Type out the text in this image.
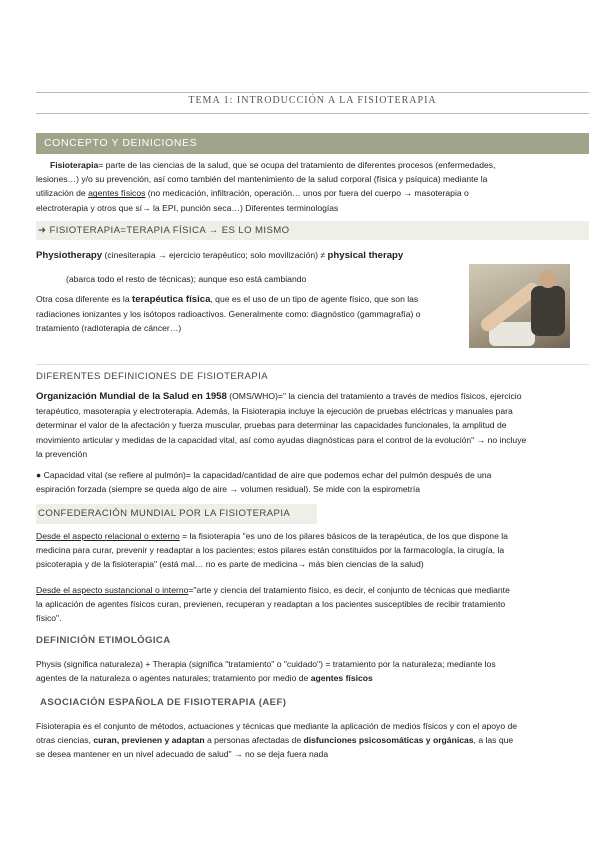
TEMA 1: INTRODUCCIÓN A LA FISIOTERAPIA
CONCEPTO Y DEINICIONES
Fisioterapia= parte de las ciencias de la salud, que se ocupa del tratamiento de diferentes procesos (enfermedades,
lesiones…) y/o su prevención, así como también del mantenimiento de la salud corporal (física y psíquica) mediante la
utilización de agentes físicos (no medicación, infiltración, operación… unos por fuera del cuerpo → masoterapia o
electroterapia y otros que sí→ la EPI, punción seca…) Diferentes terminologías
➔ FISIOTERAPIA=TERAPIA FÍSICA → ES LO MISMO
Physiotherapy (cinesiterapia → ejercicio terapéutico; solo movilización) ≠ physical therapy
(abarca todo el resto de técnicas); aunque eso está cambiando
Otra cosa diferente es la terapéutica física, que es el uso de un tipo de agente físico, que son las
radiaciones ionizantes y los isótopos radioactivos. Generalmente como: diagnóstico (gammagrafía) o
tratamiento (radioterapia de cáncer…)
DIFERENTES DEFINICIONES DE FISIOTERAPIA
Organización Mundial de la Salud en 1958 (OMS/WHO)=" la ciencia del tratamiento a través de medios físicos, ejercicio
terapéutico, masoterapia y electroterapia. Además, la Fisioterapia incluye la ejecución de pruebas eléctricas y manuales para
determinar el valor de la afectación y fuerza muscular, pruebas para determinar las capacidades funcionales, la amplitud de
movimiento articular y medidas de la capacidad vital, así como ayudas diagnósticas para el control de la evolución" → no incluye
la prevención
● Capacidad vital (se refiere al pulmón)= la capacidad/cantidad de aire que podemos echar del pulmón después de una
espiración forzada (siempre se queda algo de aire → volumen residual). Se mide con la espirometría
CONFEDERACIÓN MUNDIAL POR LA FISIOTERAPIA
Desde el aspecto relacional o externo = la fisioterapia "es uno de los pilares básicos de la terapéutica, de los que dispone la
medicina para curar, prevenir y readaptar a los pacientes; estos pilares están constituidos por la farmacología, la cirugía, la
psicoterapia y de la fisioterapia" (está mal… no es parte de medicina→ más bien ciencias de la salud)
Desde el aspecto sustancional o interno="arte y ciencia del tratamiento físico, es decir, el conjunto de técnicas que mediante
la aplicación de agentes físicos curan, previenen, recuperan y readaptan a los pacientes susceptibles de recibir tratamiento
físico".
DEFINICIÓN ETIMOLÓGICA
Physis (significa naturaleza) + Therapia (significa "tratamiento" o "cuidado") = tratamiento por la naturaleza; mediante los
agentes de la naturaleza o agentes naturales; tratamiento por medio de agentes físicos
ASOCIACIÓN ESPAÑOLA DE FISIOTERAPIA (AEF)
Fisioterapia es el conjunto de métodos, actuaciones y técnicas que mediante la aplicación de medios físicos y con el apoyo de
otras ciencias, curan, previenen y adaptan a personas afectadas de disfunciones psicosomáticas y orgánicas, a las que
se desea mantener en un nivel adecuado de salud" → no se deja fuera nada
